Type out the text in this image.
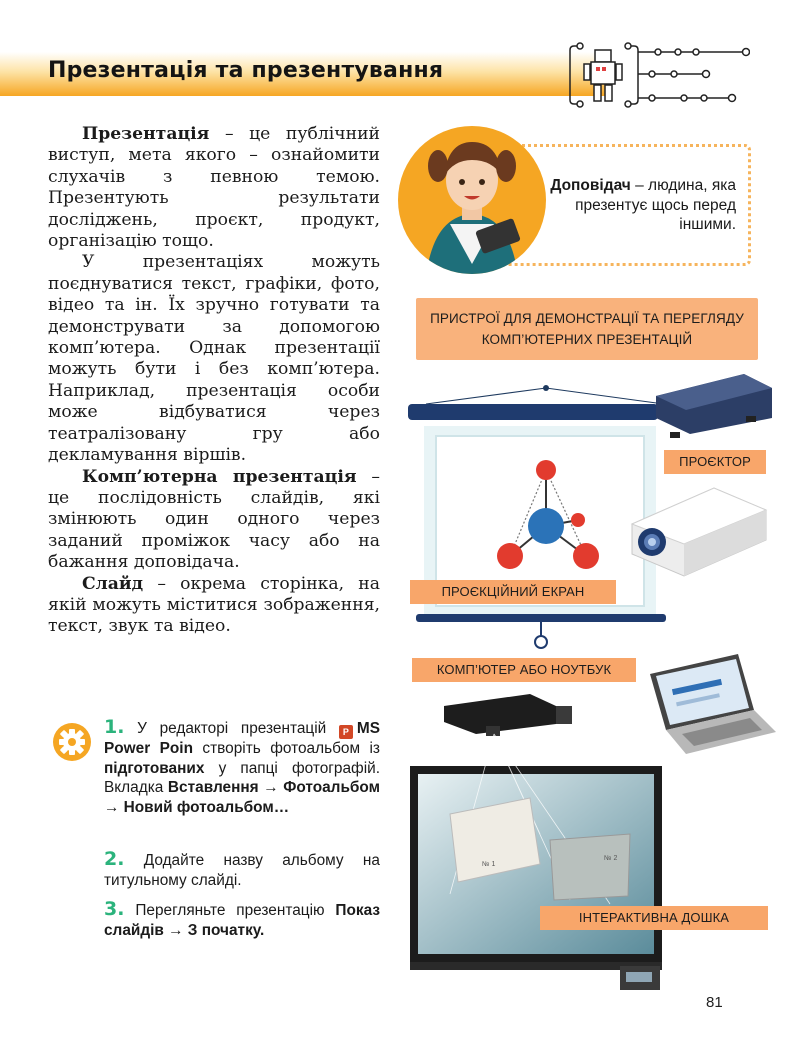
Презентація та презентування

Презентація – це публічний виступ, мета якого – ознайомити слухачів з певною темою. Презентують результати досліджень, проєкт, продукт, організацію тощо.

У презентаціях можуть поєднуватися текст, графіки, фото, відео та ін. Їх зручно готувати та демонструвати за допомогою комп’ютера. Однак презентації можуть бути і без комп’ютера. Наприклад, презентація особи може відбуватися через театралізовану гру або декламування віршів.

Комп’ютерна презентація – це послідовність слайдів, які змінюють один одного через заданий проміжок часу або на бажання доповідача.

Слайд – окрема сторінка, на якій можуть міститися зображення, текст, звук та відео.

Доповідач – людина, яка презентує щось перед іншими.
ПРИСТРОЇ ДЛЯ ДЕМОНСТРАЦІЇ ТА ПЕРЕГЛЯДУ КОМП’ЮТЕРНИХ ПРЕЗЕНТАЦІЙ
ПРОЄКТОР
ПРОЄКЦІЙНИЙ ЕКРАН
КОМП’ЮТЕР АБО НОУТБУК
№ 1
№ 2
ІНТЕРАКТИВНА ДОШКА
1. У редакторі презентацій P MS Power Poin створіть фотоальбом із підготованих у папці фотографій. Вкладка Вставлення → Фотоальбом → Новий фотоальбом…
2. Додайте назву альбому на титульному слайді.
3. Перегляньте презентацію Показ слайдів → З початку.
81
